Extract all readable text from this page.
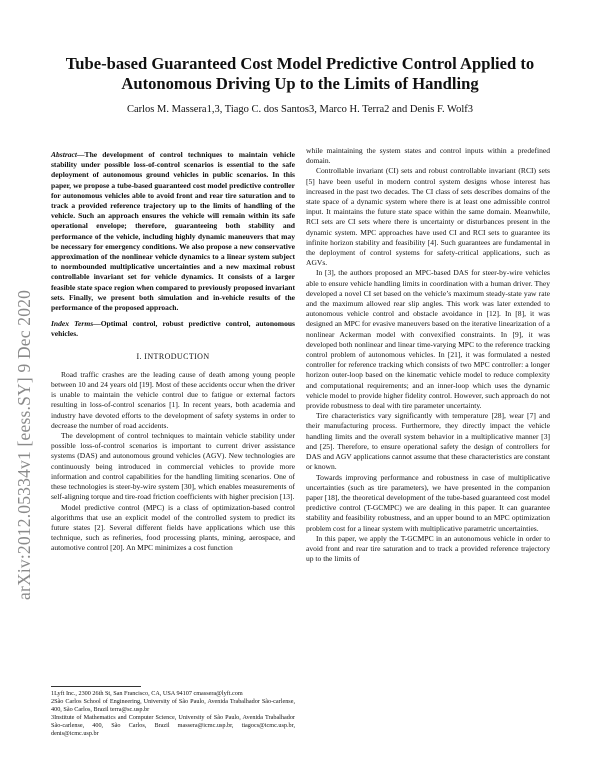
Tube-based Guaranteed Cost Model Predictive Control Applied to Autonomous Driving Up to the Limits of Handling
Carlos M. Massera1,3, Tiago C. dos Santos3, Marco H. Terra2 and Denis F. Wolf3
arXiv:2012.05334v1 [eess.SY] 9 Dec 2020

Abstract—The development of control techniques to maintain vehicle stability under possible loss-of-control scenarios is essential to the safe deployment of autonomous ground vehicles in public scenarios. In this paper, we propose a tube-based guaranteed cost model predictive controller for autonomous vehicles able to avoid front and rear tire saturation and to track a provided reference trajectory up to the limits of handling of the vehicle. Such an approach ensures the vehicle will remain within its safe operational envelope; therefore, guaranteeing both stability and performance of the vehicle, including highly dynamic maneuvers that may be necessary for emergency conditions. We also propose a new conservative approximation of the nonlinear vehicle dynamics to a linear system subject to normbounded multiplicative uncertainties and a new maximal robust controllable invariant set for vehicle dynamics. It consists of a larger feasible state space region when compared to previously proposed invariant sets. Finally, we present both simulation and in-vehicle results of the performance of the proposed approach.

Index Terms—Optimal control, robust predictive control, autonomous vehicles.

I. INTRODUCTION

Road traffic crashes are the leading cause of death among young people between 10 and 24 years old [19]. Most of these accidents occur when the driver is unable to maintain the vehicle control due to fatigue or external factors resulting in loss-of-control scenarios [1]. In recent years, both academia and industry have devoted efforts to the development of safety systems in order to decrease the number of road accidents.

The development of control techniques to maintain vehicle stability under possible loss-of-control scenarios is important to current driver assistance systems (DAS) and autonomous ground vehicles (AGV). New technologies are continuously being introduced in commercial vehicles to provide more information and control capabilities for the handling limiting scenarios. One of these technologies is steer-by-wire system [30], which enables measurements of self-aligning torque and tire-road friction coefficients with higher precision [13].

Model predictive control (MPC) is a class of optimization-based control algorithms that use an explicit model of the controlled system to predict its future states [2]. Several different fields have applications which use this technique, such as refineries, food processing plants, mining, aerospace, and automotive control [20]. An MPC minimizes a cost function

1Lyft Inc., 2300 26th St, San Francisco, CA, USA 94107 cmassera@lyft.com

2São Carlos School of Engineering, University of São Paulo, Avenida Trabalhador São-carlense, 400, São Carlos, Brazil terra@sc.usp.br

3Institute of Mathematics and Computer Science, University of São Paulo, Avenida Trabalhador São-carlense, 400, São Carlos, Brazil massera@icmc.usp.br, tiagocs@icmc.usp.br, denis@icmc.usp.br

while maintaining the system states and control inputs within a predefined domain.

Controllable invariant (CI) sets and robust controllable invariant (RCI) sets [5] have been useful in modern control system designs whose interest has increased in the past two decades. The CI class of sets describes domains of the state space of a dynamic system where there is at least one admissible control input. It maintains the future state space within the same domain. Meanwhile, RCI sets are CI sets where there is uncertainty or disturbances present in the dynamic system. MPC approaches have used CI and RCI sets to guarantee its infinite horizon stability and feasibility [4]. Such guarantees are fundamental in the deployment of control systems for safety-critical applications, such as AGVs.

In [3], the authors proposed an MPC-based DAS for steer-by-wire vehicles able to ensure vehicle handling limits in coordination with a human driver. They developed a novel CI set based on the vehicle’s maximum steady-state yaw rate and the maximum allowed rear slip angles. This work was later extended to autonomous vehicle control and obstacle avoidance in [12]. In [8], it was designed an MPC for evasive maneuvers based on the iterative linearization of a nonlinear Ackerman model with convexified constraints. In [9], it was developed both nonlinear and linear time-varying MPC to the reference tracking control problem of autonomous vehicles. In [21], it was formulated a nested controller for reference tracking which consists of two MPC controller: a longer horizon outer-loop based on the kinematic vehicle model to reduce complexity and computational requirements; and an inner-loop which uses the dynamic vehicle model to provide higher fidelity control. However, such approach do not provide robustness to deal with tire parameter uncertainty.

Tire characteristics vary significantly with temperature [28], wear [7] and their manufacturing process. Furthermore, they directly impact the vehicle handling limits and the overall system behavior in a multiplicative manner [3] and [25]. Therefore, to ensure operational safety the design of controllers for DAS and AGV applications cannot assume that these characteristics are constant or known.

Towards improving performance and robustness in case of multiplicative uncertainties (such as tire parameters), we have presented in the companion paper [18], the theoretical development of the tube-based guaranteed cost model predictive control (T-GCMPC) we are dealing in this paper. It can guarantee stability and feasibility robustness, and an upper bound to an MPC optimization problem cost for a linear system with multiplicative parametric uncertainties.

In this paper, we apply the T-GCMPC in an autonomous vehicle in order to avoid front and rear tire saturation and to track a provided reference trajectory up to the limits of
